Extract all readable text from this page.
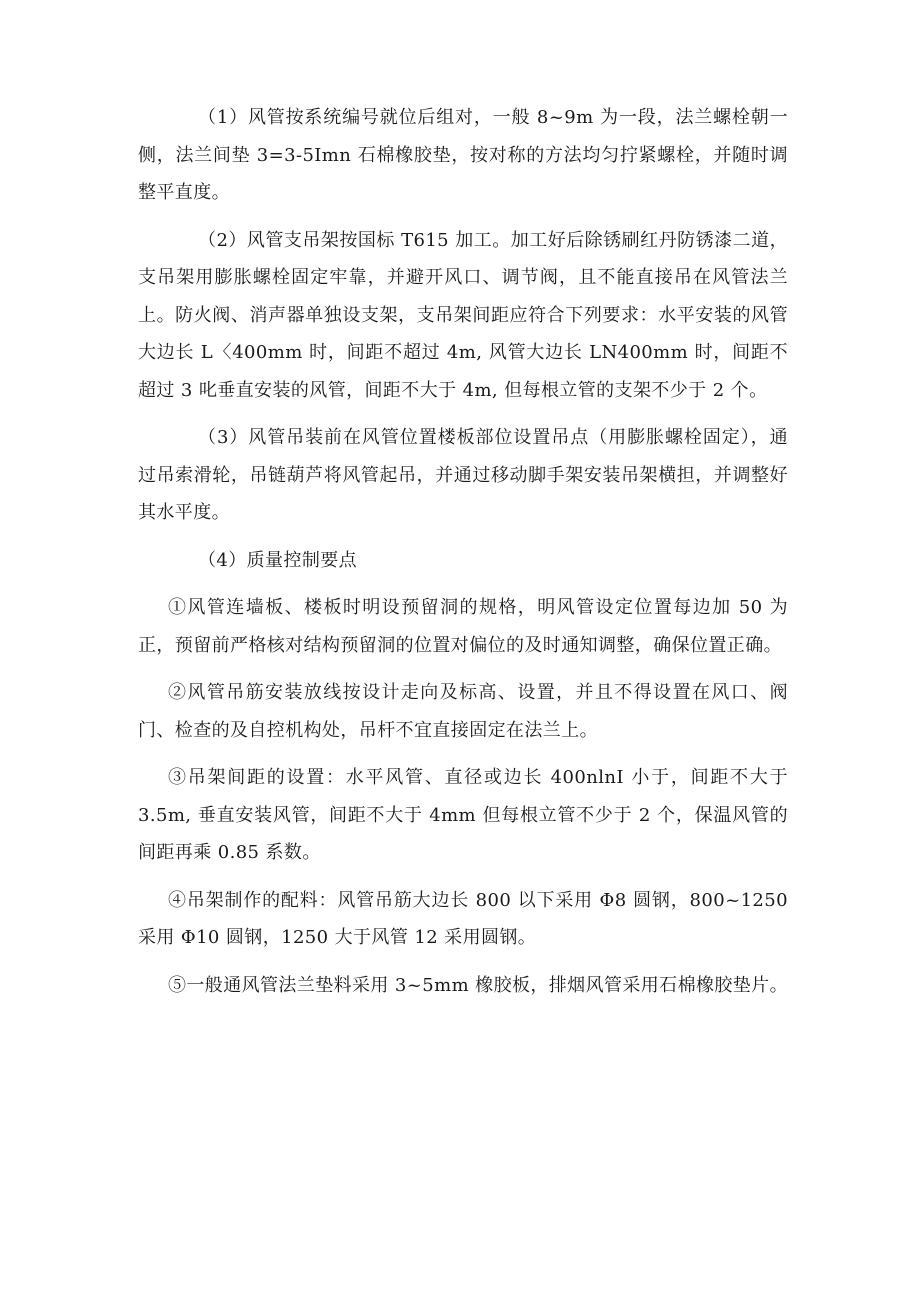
（1）风管按系统编号就位后组对，一般 8~9m 为一段，法兰螺栓朝一侧，法兰间垫 3=3-5Imn 石棉橡胶垫，按对称的方法均匀拧紧螺栓，并随时调整平直度。

（2）风管支吊架按国标 T615 加工。加工好后除锈刷红丹防锈漆二道，支吊架用膨胀螺栓固定牢靠，并避开风口、调节阀，且不能直接吊在风管法兰上。防火阀、消声器单独设支架，支吊架间距应符合下列要求：水平安装的风管大边长 L〈400mm 时，间距不超过 4m, 风管大边长 LN400mm 时，间距不超过 3 叱垂直安装的风管，间距不大于 4m, 但每根立管的支架不少于 2 个。

（3）风管吊装前在风管位置楼板部位设置吊点（用膨胀螺栓固定），通过吊索滑轮，吊链葫芦将风管起吊，并通过移动脚手架安装吊架横担，并调整好其水平度。

（4）质量控制要点

①风管连墙板、楼板时明设预留洞的规格，明风管设定位置每边加 50 为正，预留前严格核对结构预留洞的位置对偏位的及时通知调整，确保位置正确。

②风管吊筋安装放线按设计走向及标高、设置，并且不得设置在风口、阀门、检查的及自控机构处，吊杆不宜直接固定在法兰上。

③吊架间距的设置：水平风管、直径或边长 400nlnI 小于，间距不大于 3.5m, 垂直安装风管，间距不大于 4mm 但每根立管不少于 2 个，保温风管的间距再乘 0.85 系数。

④吊架制作的配料：风管吊筋大边长 800 以下采用 Φ8 圆钢，800~1250 采用 Φ10 圆钢，1250 大于风管 12 采用圆钢。

⑤一般通风管法兰垫料采用 3~5mm 橡胶板，排烟风管采用石棉橡胶垫片。
